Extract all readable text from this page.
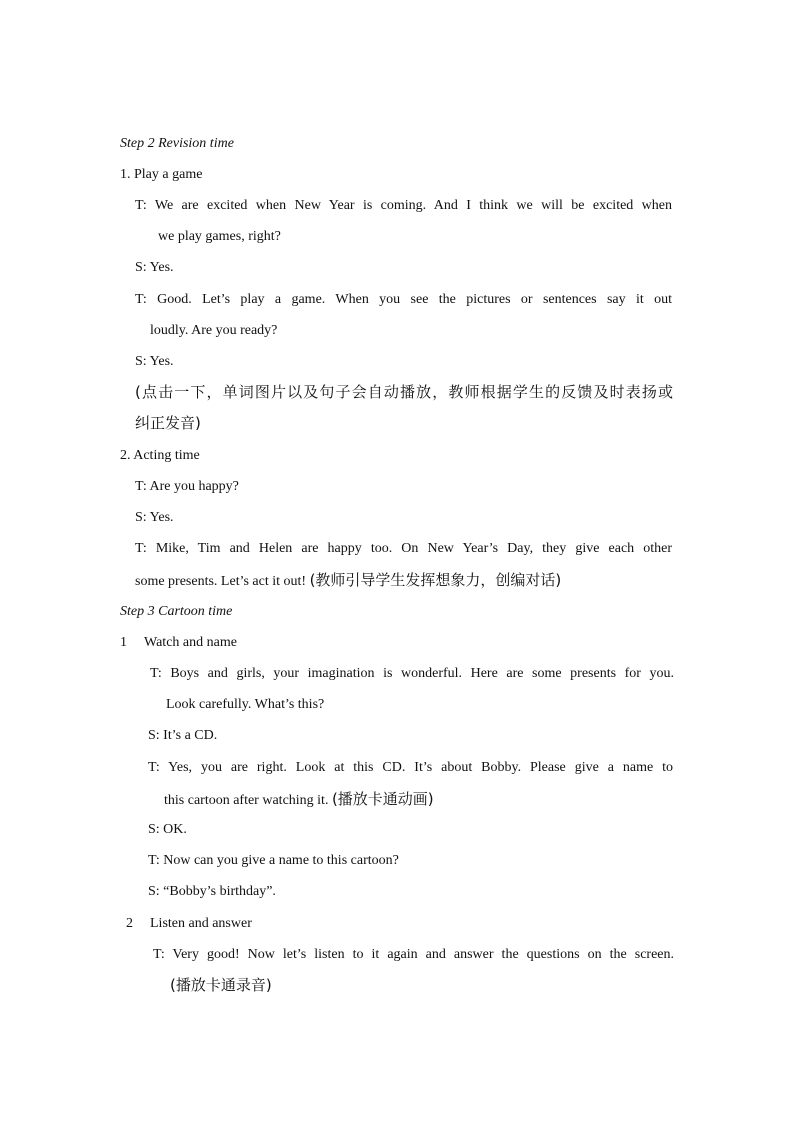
Step 2 Revision time
1. Play a game
T: We are excited when New Year is coming. And I think we will be excited when
we play games, right?
S: Yes.
T: Good. Let’s play a game. When you see the pictures or sentences say it out
loudly. Are you ready?
S: Yes.
(点击一下，单词图片以及句子会自动播放，教师根据学生的反馈及时表扬或
纠正发音)
2. Acting time
T: Are you happy?
S: Yes.
T: Mike, Tim and Helen are happy too. On New Year’s Day, they give each other
some presents. Let’s act it out! (教师引导学生发挥想象力，创编对话)
Step 3 Cartoon time
1 Watch and name
T: Boys and girls, your imagination is wonderful. Here are some presents for you.
Look carefully. What’s this?
S: It’s a CD.
T: Yes, you are right. Look at this CD. It’s about Bobby. Please give a name to
this cartoon after watching it. (播放卡通动画)
S: OK.
T: Now can you give a name to this cartoon?
S: “Bobby’s birthday”.
2 Listen and answer
T: Very good! Now let’s listen to it again and answer the questions on the screen.
(播放卡通录音)
